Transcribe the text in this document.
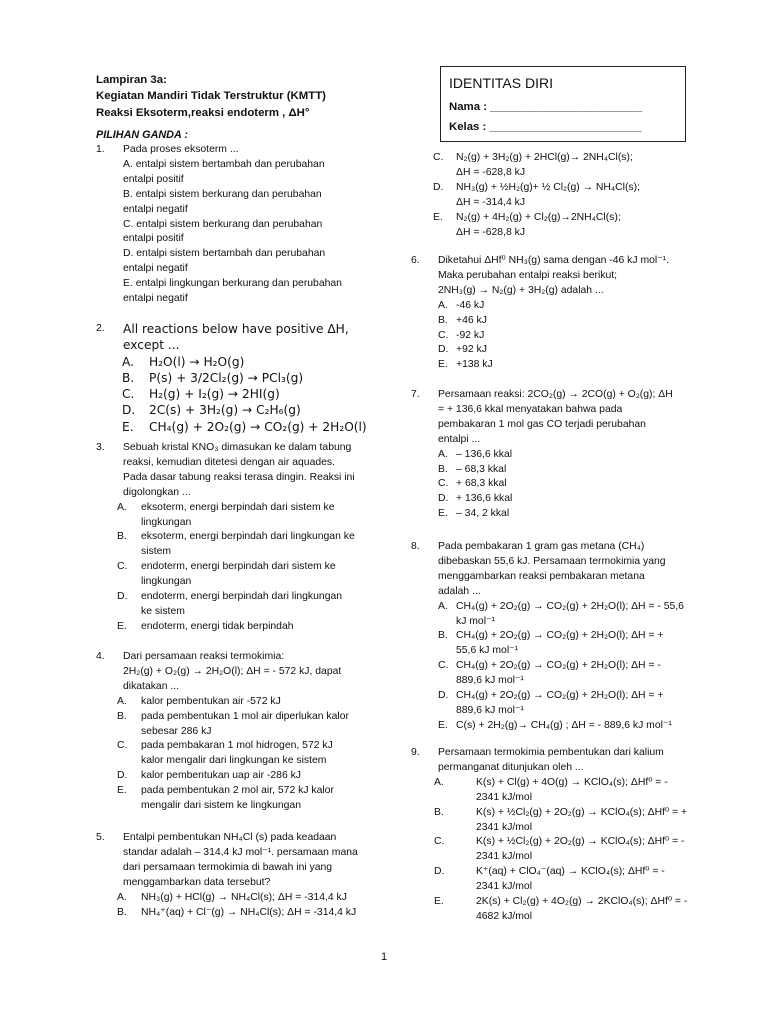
Lampiran 3a:
Kegiatan Mandiri Tidak Terstruktur (KMTT)
Reaksi Eksoterm,reaksi endoterm , ΔH°
IDENTITAS DIRI
Nama : ________________________
Kelas : ________________________
PILIHAN GANDA :
1. Pada proses eksoterm ...
A. entalpi sistem bertambah dan perubahan
entalpi positif
B. entalpi sistem berkurang dan perubahan
entalpi negatif
C. entalpi sistem berkurang dan perubahan
entalpi positif
D. entalpi sistem bertambah dan perubahan
entalpi negatif
E. entalpi lingkungan berkurang dan perubahan
entalpi negatif
2. All reactions below have positive ΔH,
except ...
A. H₂O(l) → H₂O(g)
B. P(s) + 3/2Cl₂(g) → PCl₃(g)
C. H₂(g) + I₂(g) → 2HI(g)
D. 2C(s) + 3H₂(g) → C₂H₆(g)
E. CH₄(g) + 2O₂(g) → CO₂(g) + 2H₂O(l)
3. Sebuah kristal KNO₃ dimasukan ke dalam tabung
reaksi, kemudian ditetesi dengan air aquades.
Pada dasar tabung reaksi terasa dingin. Reaksi ini
digolongkan ...
A. eksoterm, energi berpindah dari sistem ke
lingkungan
B. eksoterm, energi berpindah dari lingkungan ke
sistem
C. endoterm, energi berpindah dari sistem ke
lingkungan
D. endoterm, energi berpindah dari lingkungan
ke sistem
E. endoterm, energi tidak berpindah
4. Dari persamaan reaksi termokimia:
2H₂(g) + O₂(g) → 2H₂O(l); ΔH = - 572 kJ, dapat
dikatakan ...
A. kalor pembentukan air -572 kJ
B. pada pembentukan 1 mol air diperlukan kalor
sebesar 286 kJ
C. pada pembakaran 1 mol hidrogen, 572 kJ
kalor mengalir dari lingkungan ke sistem
D. kalor pembentukan uap air -286 kJ
E. pada pembentukan 2 mol air, 572 kJ kalor
mengalir dari sistem ke lingkungan
5. Entalpi pembentukan NH₄Cl (s) pada keadaan
standar adalah – 314,4 kJ mol⁻¹. persamaan mana
dari persamaan termokimia di bawah ini yang
menggambarkan data tersebut?
A. NH₃(g) + HCl(g) → NH₄Cl(s); ΔH = -314,4 kJ
B. NH₄⁺(aq) + Cl⁻(g) → NH₄Cl(s); ΔH = -314,4 kJ
C. N₂(g) + 3H₂(g) + 2HCl(g)→ 2NH₄Cl(s);
ΔH = -628,8 kJ
D. NH₃(g) + ½H₂(g)+ ½ Cl₂(g) → NH₄Cl(s);
ΔH = -314,4 kJ
E. N₂(g) + 4H₂(g) + Cl₂(g)→2NH₄Cl(s);
ΔH = -628,8 kJ
6. Diketahui ΔHf⁰ NH₃(g) sama dengan -46 kJ mol⁻¹.
Maka perubahan entalpi reaksi berikut;
2NH₃(g) → N₂(g) + 3H₂(g) adalah ...
A. -46 kJ
B. +46 kJ
C. -92 kJ
D. +92 kJ
E. +138 kJ
7. Persamaan reaksi: 2CO₂(g) → 2CO(g) + O₂(g); ΔH
= + 136,6 kkal menyatakan bahwa pada
pembakaran 1 mol gas CO terjadi perubahan
entalpi ...
A. – 136,6 kkal
B. – 68,3 kkal
C. + 68,3 kkal
D. + 136,6 kkal
E. – 34, 2 kkal
8. Pada pembakaran 1 gram gas metana (CH₄)
dibebaskan 55,6 kJ. Persamaan termokimia yang
menggambarkan reaksi pembakaran metana
adalah ...
A. CH₄(g) + 2O₂(g) → CO₂(g) + 2H₂O(l); ΔH = - 55,6
kJ mol⁻¹
B. CH₄(g) + 2O₂(g) → CO₂(g) + 2H₂O(l); ΔH = +
55,6 kJ mol⁻¹
C. CH₄(g) + 2O₂(g) → CO₂(g) + 2H₂O(l); ΔH = -
889,6 kJ mol⁻¹
D. CH₄(g) + 2O₂(g) → CO₂(g) + 2H₂O(l); ΔH = +
889,6 kJ mol⁻¹
E. C(s) + 2H₂(g)→ CH₄(g) ; ΔH = - 889,6 kJ mol⁻¹
9. Persamaan termokimia pembentukan dari kalium
permanganat ditunjukan oleh ...
A.	K(s) + Cl(g) + 4O(g) → KClO₄(s); ΔHf⁰ = -
2341 kJ/mol
B.	K(s) + ½Cl₂(g) + 2O₂(g) → KClO₄(s); ΔHf⁰ = +
2341 kJ/mol
C.	K(s) + ½Cl₂(g) + 2O₂(g) → KClO₄(s); ΔHf⁰ = -
2341 kJ/mol
D.	K⁺(aq) + ClO₄⁻(aq) → KClO₄(s); ΔHf⁰ = -
2341 kJ/mol
E.	2K(s) + Cl₂(g) + 4O₂(g) → 2KClO₄(s); ΔHf⁰ = -
4682 kJ/mol
1
